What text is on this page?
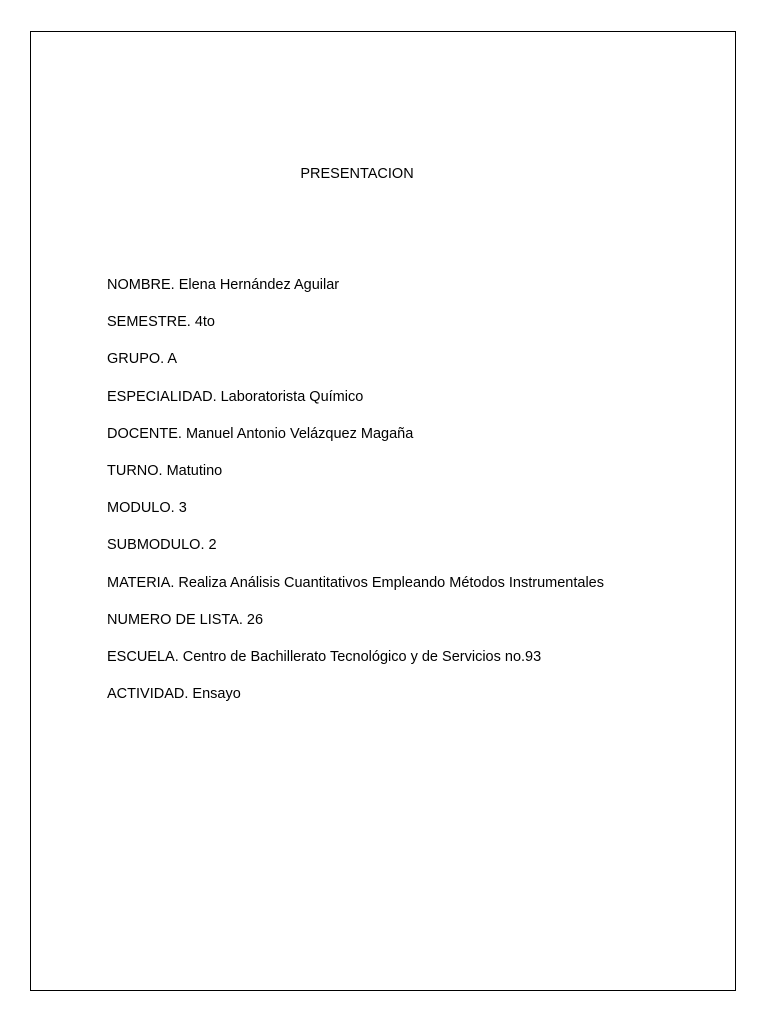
PRESENTACION
NOMBRE. Elena Hernández Aguilar
SEMESTRE. 4to
GRUPO. A
ESPECIALIDAD. Laboratorista Químico
DOCENTE. Manuel Antonio Velázquez Magaña
TURNO. Matutino
MODULO. 3
SUBMODULO. 2
MATERIA. Realiza Análisis Cuantitativos Empleando Métodos Instrumentales
NUMERO DE LISTA. 26
ESCUELA. Centro de Bachillerato Tecnológico y de Servicios no.93
ACTIVIDAD. Ensayo
